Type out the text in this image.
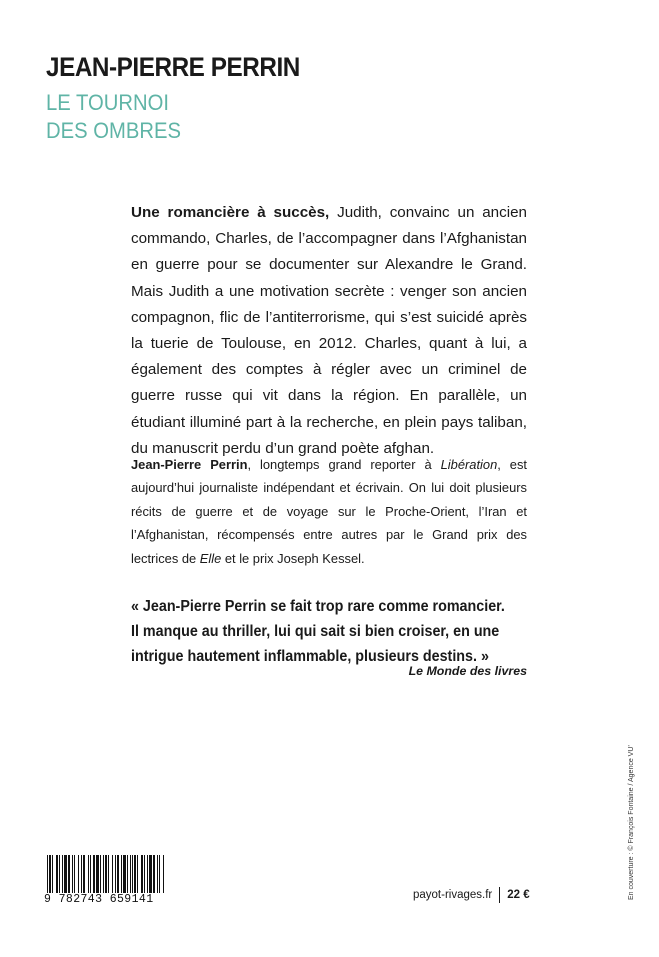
JEAN-PIERRE PERRIN
LE TOURNOI
DES OMBRES

Une romancière à succès, Judith, convainc un ancien commando, Charles, de l’accompagner dans l’Afghanistan en guerre pour se documenter sur Alexandre le Grand. Mais Judith a une motivation secrète : venger son ancien compagnon, flic de l’antiterrorisme, qui s’est suicidé après la tuerie de Toulouse, en 2012. Charles, quant à lui, a également des comptes à régler avec un criminel de guerre russe qui vit dans la région. En parallèle, un étudiant illuminé part à la recherche, en plein pays taliban, du manuscrit perdu d’un grand poète afghan.

Jean-Pierre Perrin, longtemps grand reporter à Libération, est aujourd’hui journaliste indépendant et écrivain. On lui doit plusieurs récits de guerre et de voyage sur le Proche-Orient, l’Iran et l’Afghanistan, récompensés entre autres par le Grand prix des lectrices de Elle et le prix Joseph Kessel.

« Jean-Pierre Perrin se fait trop rare comme romancier.
Il manque au thriller, lui qui sait si bien croiser, en une
intrigue hautement inflammable, plusieurs destins. »
Le Monde des livres
En couverture : © François Fontaine / Agence VU’
9 782743 659141	payot-rivages.fr 22 €
